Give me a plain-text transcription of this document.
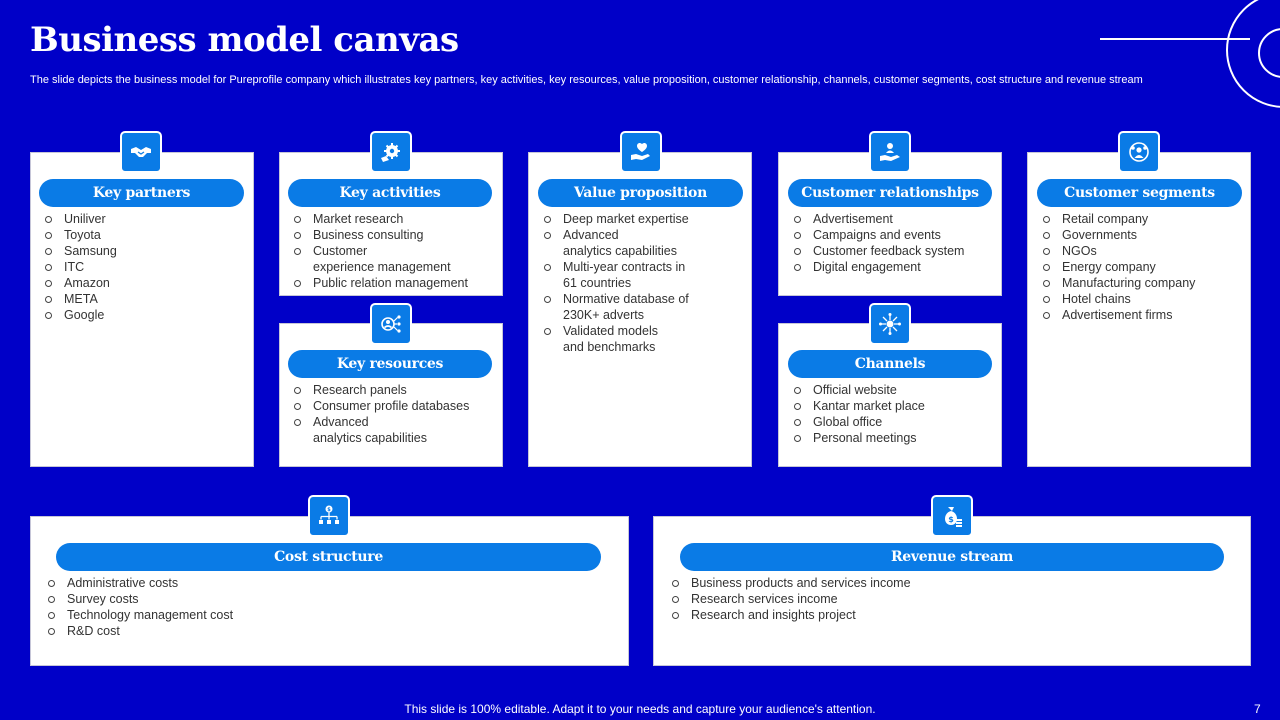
Business model canvas
The slide depicts the business model for Pureprofile company which illustrates key partners, key activities, key resources, value proposition, customer relationship, channels, customer segments, cost structure and revenue stream
Key partners
Uniliver
Toyota
Samsung
ITC
Amazon
META
Google
Key activities
Market research
Business consulting
Customer
experience management
Public relation management
Key resources
Research panels
Consumer profile databases
Advanced
analytics capabilities
Value proposition
Deep market expertise
Advanced
analytics capabilities
Multi-year contracts in
61 countries
Normative database of
230K+ adverts
Validated models
and benchmarks
Customer relationships
Advertisement
Campaigns and events
Customer feedback system
Digital engagement
Channels
Official website
Kantar market place
Global office
Personal meetings
Customer segments
Retail company
Governments
NGOs
Energy company
Manufacturing company
Hotel chains
Advertisement firms
$
Cost structure
Administrative costs
Survey costs
Technology management cost
R&D cost
$
Revenue stream
Business products and services income
Research services income
Research and insights project
This slide is 100% editable. Adapt it to your needs and capture your audience's attention.	7
